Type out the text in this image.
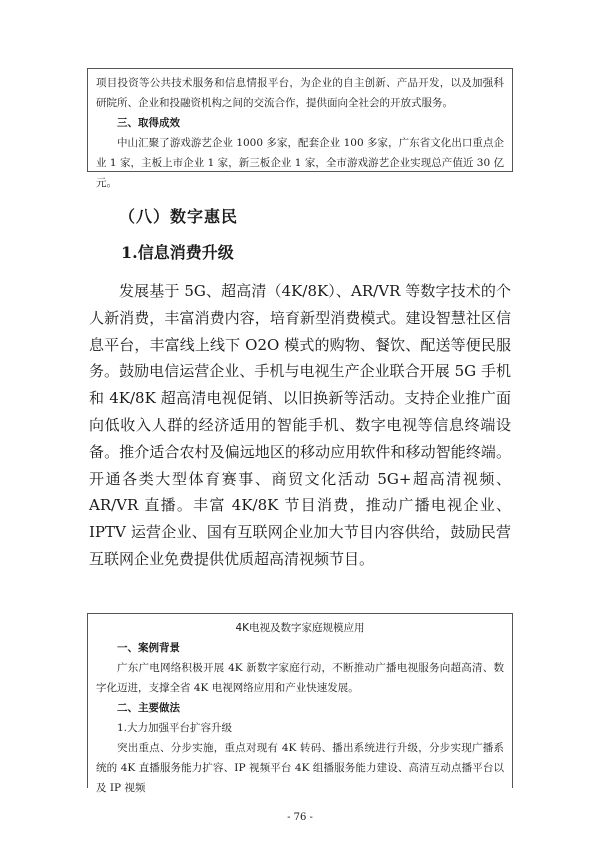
项目投资等公共技术服务和信息情报平台，为企业的自主创新、产品开发，以及加强科研院所、企业和投融资机构之间的交流合作，提供面向全社会的开放式服务。

三、取得成效

中山汇聚了游戏游艺企业 1000 多家，配套企业 100 多家，广东省文化出口重点企业 1 家，主板上市企业 1 家，新三板企业 1 家，全市游戏游艺企业实现总产值近 30 亿元。

（八）数字惠民

1.信息消费升级

发展基于 5G、超高清（4K/8K）、AR/VR 等数字技术的个人新消费，丰富消费内容，培育新型消费模式。建设智慧社区信息平台，丰富线上线下 O2O 模式的购物、餐饮、配送等便民服务。鼓励电信运营企业、手机与电视生产企业联合开展 5G 手机和 4K/8K 超高清电视促销、以旧换新等活动。支持企业推广面向低收入人群的经济适用的智能手机、数字电视等信息终端设备。推介适合农村及偏远地区的移动应用软件和移动智能终端。开通各类大型体育赛事、商贸文化活动 5G+超高清视频、AR/VR 直播。丰富 4K/8K 节目消费，推动广播电视企业、IPTV 运营企业、国有互联网企业加大节目内容供给，鼓励民营互联网企业免费提供优质超高清视频节目。

4K电视及数字家庭规模应用

一、案例背景

广东广电网络积极开展 4K 新数字家庭行动，不断推动广播电视服务向超高清、数字化迈进，支撑全省 4K 电视网络应用和产业快速发展。

二、主要做法

1.大力加强平台扩容升级

突出重点、分步实施，重点对现有 4K 转码、播出系统进行升级，分步实现广播系统的 4K 直播服务能力扩容、IP 视频平台 4K 组播服务能力建设、高清互动点播平台以及 IP 视频

- 76 -
